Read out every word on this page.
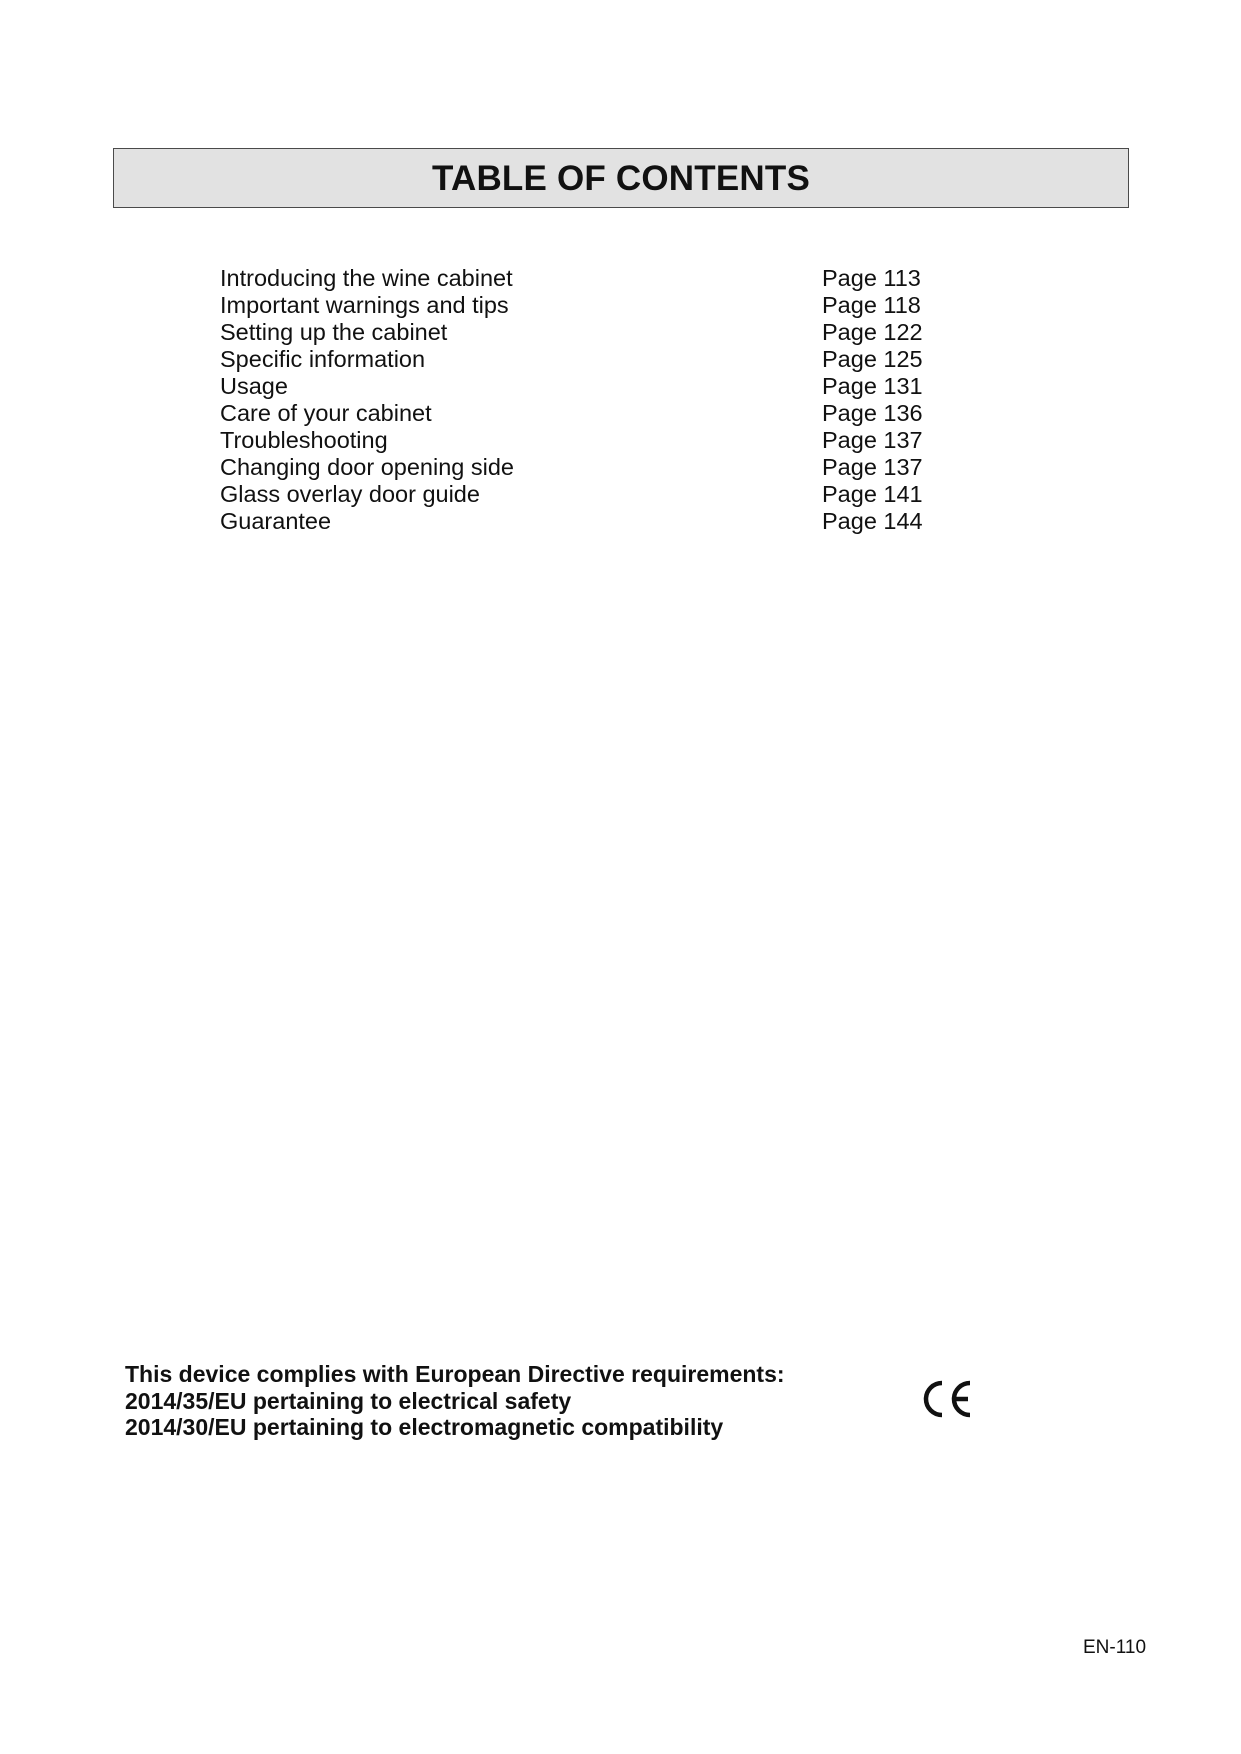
TABLE OF CONTENTS
Introducing the wine cabinet	Page 113
Important warnings and tips	Page 118
Setting up the cabinet	Page 122
Specific information	Page 125
Usage	Page 131
Care of your cabinet	Page 136
Troubleshooting	Page 137
Changing door opening side	Page 137
Glass overlay door guide	Page 141
Guarantee	Page 144
This device complies with European Directive requirements:
2014/35/EU pertaining to electrical safety
2014/30/EU pertaining to electromagnetic compatibility
EN-110
